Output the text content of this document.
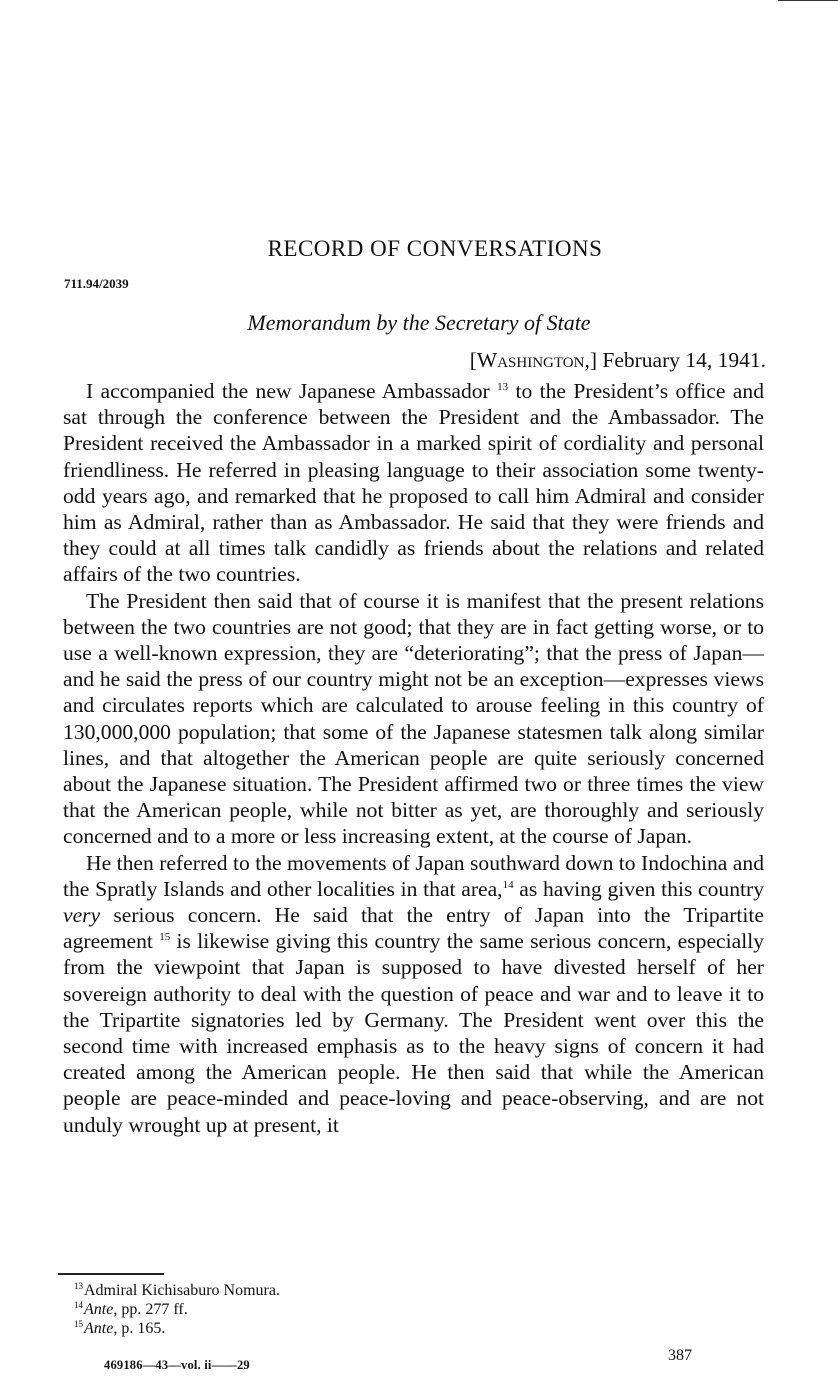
RECORD OF CONVERSATIONS
711.94/2039
Memorandum by the Secretary of State
[Washington,] February 14, 1941.

I accompanied the new Japanese Ambassador $^{13}$ to the President’s office and sat through the conference between the President and the Ambassador. The President received the Ambassador in a marked spirit of cordiality and personal friendliness. He referred in pleasing language to their association some twenty-odd years ago, and remarked that he proposed to call him Admiral and consider him as Admiral, rather than as Ambassador. He said that they were friends and they could at all times talk candidly as friends about the relations and related affairs of the two countries.

The President then said that of course it is manifest that the present relations between the two countries are not good; that they are in fact getting worse, or to use a well-known expression, they are “deteriorating”; that the press of Japan—and he said the press of our country might not be an exception—expresses views and circulates reports which are calculated to arouse feeling in this country of 130,000,000 population; that some of the Japanese statesmen talk along similar lines, and that altogether the American people are quite seriously concerned about the Japanese situation. The President affirmed two or three times the view that the American people, while not bitter as yet, are thoroughly and seriously concerned and to a more or less increasing extent, at the course of Japan.

He then referred to the movements of Japan southward down to Indochina and the Spratly Islands and other localities in that area,$^{14}$ as having given this country very serious concern. He said that the entry of Japan into the Tripartite agreement $^{15}$ is likewise giving this country the same serious concern, especially from the viewpoint that Japan is supposed to have divested herself of her sovereign authority to deal with the question of peace and war and to leave it to the Tripartite signatories led by Germany. The President went over this the second time with increased emphasis as to the heavy signs of concern it had created among the American people. He then said that while the American people are peace-minded and peace-loving and peace-observing, and are not unduly wrought up at present, it

$^{13}$Admiral Kichisaburo Nomura.
$^{14}$Ante, pp. 277 ff.
$^{15}$Ante, p. 165.
387
469186—43—vol. ii——29
